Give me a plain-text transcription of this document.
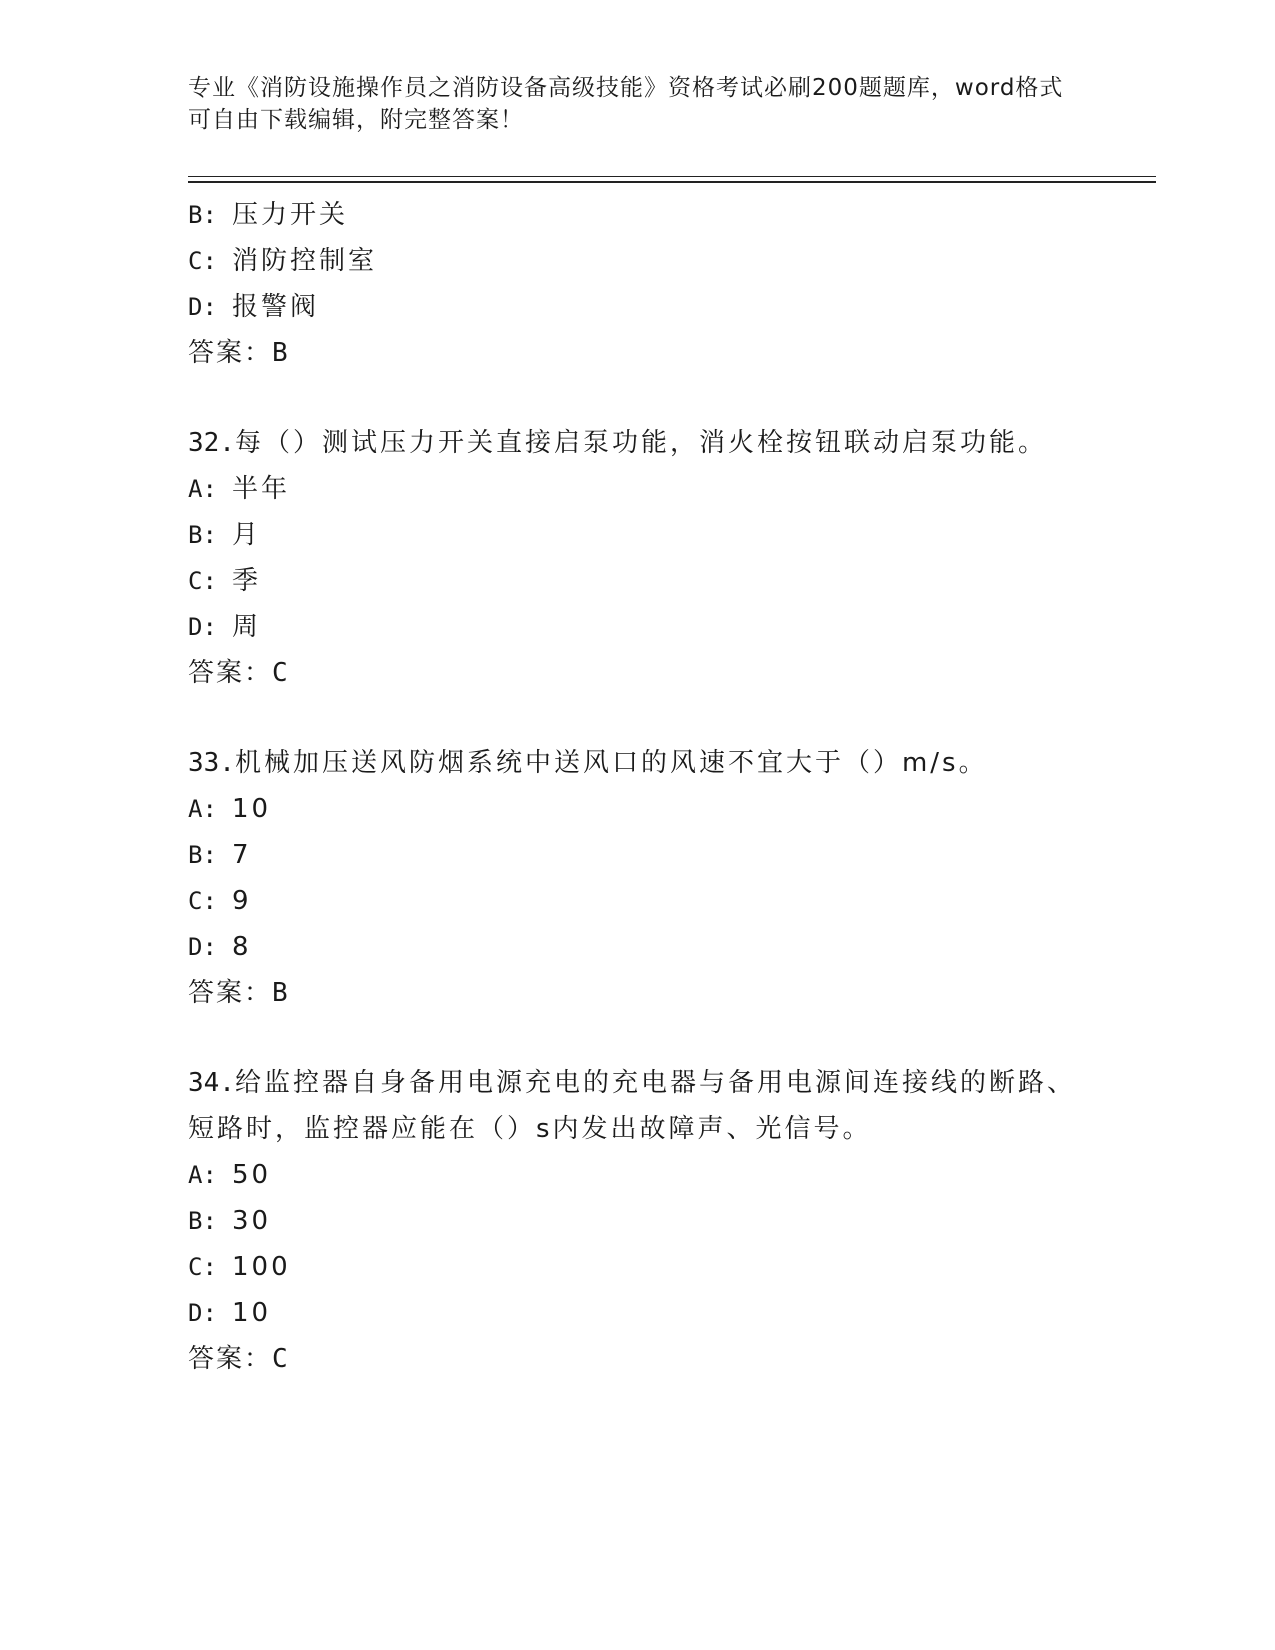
专业《消防设施操作员之消防设备高级技能》资格考试必刷200题题库，word格式可自由下载编辑，附完整答案！
B: 压力开关
C: 消防控制室
D: 报警阀
答案：B
32.每（）测试压力开关直接启泵功能，消火栓按钮联动启泵功能。
A: 半年
B: 月
C: 季
D: 周
答案：C
33.机械加压送风防烟系统中送风口的风速不宜大于（）m/s。
A: 10
B: 7
C: 9
D: 8
答案：B
34.给监控器自身备用电源充电的充电器与备用电源间连接线的断路、短路时，监控器应能在（）s内发出故障声、光信号。
A: 50
B: 30
C: 100
D: 10
答案：C
